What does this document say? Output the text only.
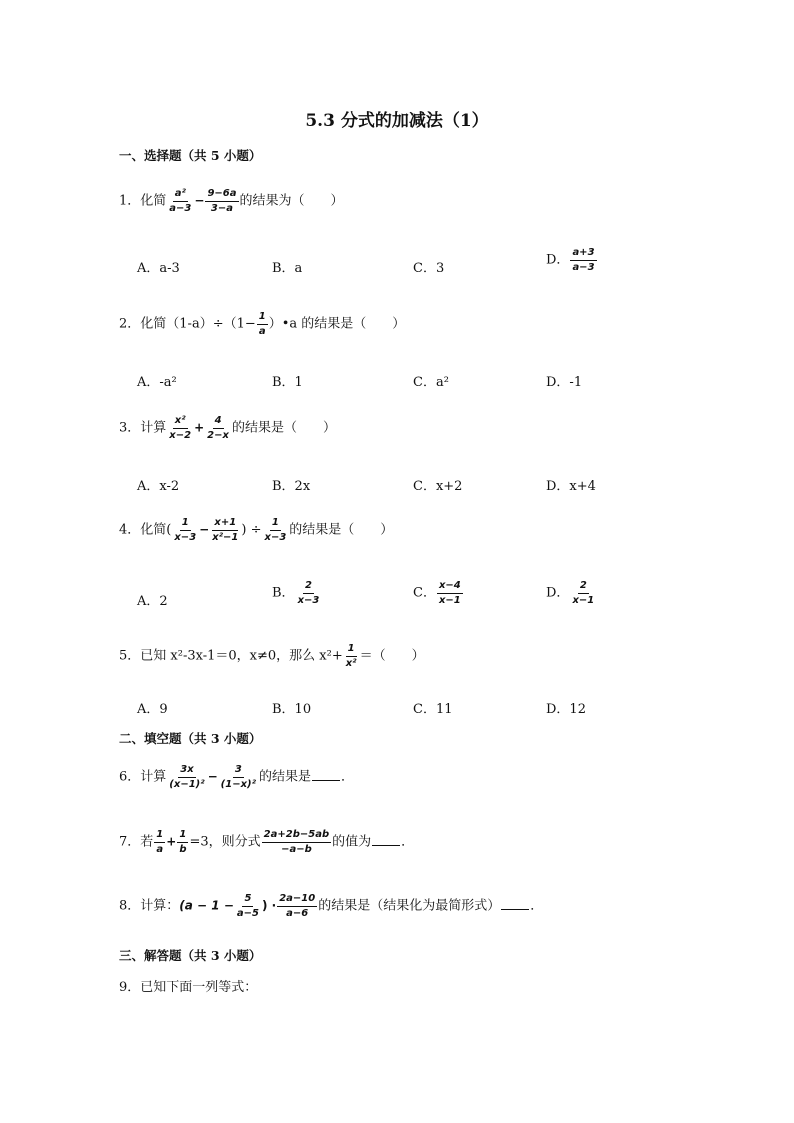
5.3 分式的加减法（1）
一、选择题（共 5 小题）
1．化简 $\frac{\text{a²}}{a-3} - \frac{9-6a}{3-a}$ 的结果为（　　）
A．a-3	B．a	C．3
D． $\frac{a+3}{a-3}$
2．化简$(1-a)\div(1- \frac{1}{a}$ ）•a 的结果是（　　）
A．-a²	B．1	C．a²	D．-1
3．计算 $\frac{\text{x²}}{x-2} + \frac{4}{2-x}$ 的结果是（　　）
A．x-2	B．2x	C．x+2	D．x+4
4．化简( $\frac{1}{x-3} - \frac{x+1}{\text{x²−1}}$ ) ÷ $\frac{1}{x-3}$ 的结果是（　　）
A．2
B． $\frac{2}{x-3}$	C． $\frac{x-4}{x-1}$	D． $\frac{2}{x-1}$
5．已知 x²-3x-1＝0，x≠0，那么 $x^2+ \frac{1}{\text{x²}}$ ＝（　　）
A．9	B．10	C．11	D．12
二、填空题（共 3 小题）
6．计算 $\frac{3x}{\text{(x−1)²}} - \frac{3}{\text{(1−x)²}}$ 的结果是 ．
7．若 $\frac{1}{a} + \frac{1}{b} =3$，则分式 $\frac{2a+2b-5ab}{-a-b}$ 的值为 ．
8．计算：($a - 1 - \frac{5}{a-5}$ ) · $\frac{2a-10}{a-6}$ 的结果是（结果化为最简形式） ．
三、解答题（共 3 小题）
9．已知下面一列等式：
